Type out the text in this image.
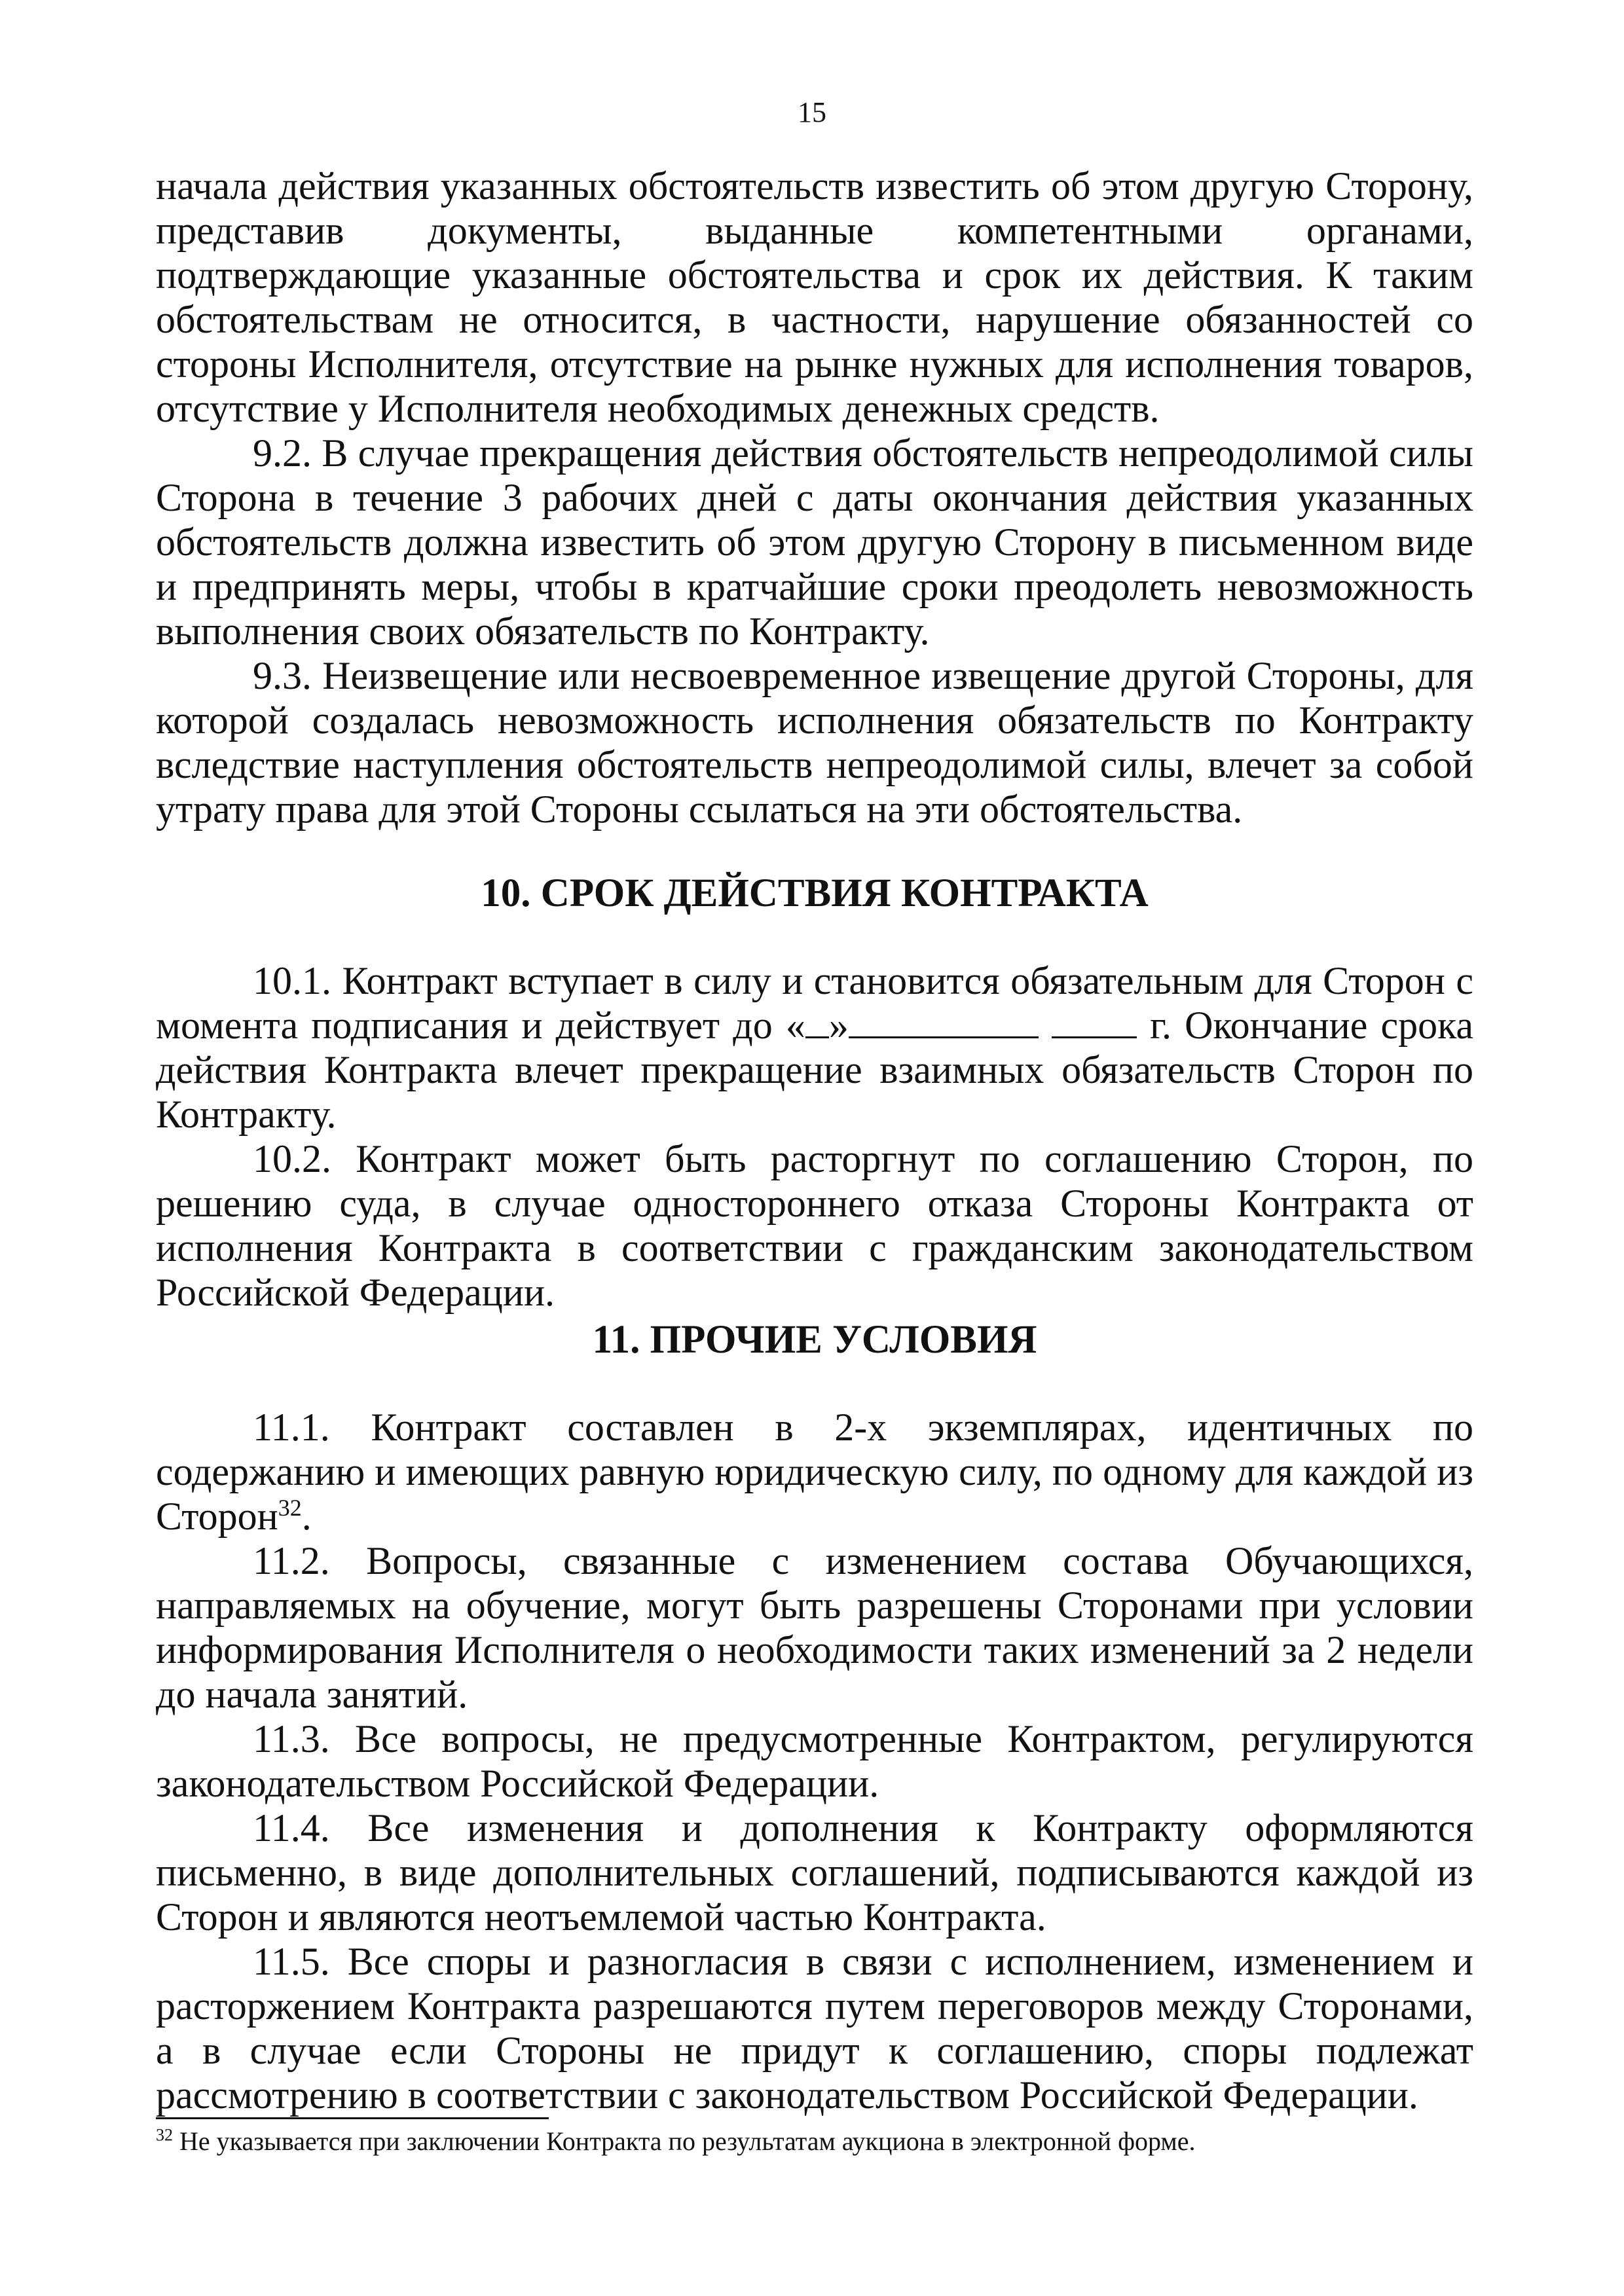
15

начала действия указанных обстоятельств известить об этом другую Сторону, представив документы, выданные компетентными органами, подтверждающие указанные обстоятельства и срок их действия. К таким обстоятельствам не относится, в частности, нарушение обязанностей со стороны Исполнителя, отсутствие на рынке нужных для исполнения товаров, отсутствие у Исполнителя необходимых денежных средств.

9.2. В случае прекращения действия обстоятельств непреодолимой силы Сторона в течение 3 рабочих дней с даты окончания действия указанных обстоятельств должна известить об этом другую Сторону в письменном виде и предпринять меры, чтобы в кратчайшие сроки преодолеть невозможность выполнения своих обязательств по Контракту.

9.3. Неизвещение или несвоевременное извещение другой Стороны, для которой создалась невозможность исполнения обязательств по Контракту вследствие наступления обстоятельств непреодолимой силы, влечет за собой утрату права для этой Стороны ссылаться на эти обстоятельства.

10. СРОК ДЕЙСТВИЯ КОНТРАКТА

10.1. Контракт вступает в силу и становится обязательным для Сторон с момента подписания и действует до « »	г. Окончание срока действия Контракта влечет прекращение взаимных обязательств Сторон по Контракту.

10.2. Контракт может быть расторгнут по соглашению Сторон, по решению суда, в случае одностороннего отказа Стороны Контракта от исполнения Контракта в соответствии с гражданским законодательством Российской Федерации.

11. ПРОЧИЕ УСЛОВИЯ

11.1. Контракт составлен в 2-х экземплярах, идентичных по содержанию и имеющих равную юридическую силу, по одному для каждой из Сторон$^{32}$.

11.2. Вопросы, связанные с изменением состава Обучающихся, направляемых на обучение, могут быть разрешены Сторонами при условии информирования Исполнителя о необходимости таких изменений за 2 недели до начала занятий.

11.3. Все вопросы, не предусмотренные Контрактом, регулируются законодательством Российской Федерации.

11.4. Все изменения и дополнения к Контракту оформляются письменно, в виде дополнительных соглашений, подписываются каждой из Сторон и являются неотъемлемой частью Контракта.

11.5. Все споры и разногласия в связи с исполнением, изменением и расторжением Контракта разрешаются путем переговоров между Сторонами, а в случае если Стороны не придут к соглашению, споры подлежат рассмотрению в соответствии с законодательством Российской Федерации.

$^{32}$ Не указывается при заключении Контракта по результатам аукциона в электронной форме.
